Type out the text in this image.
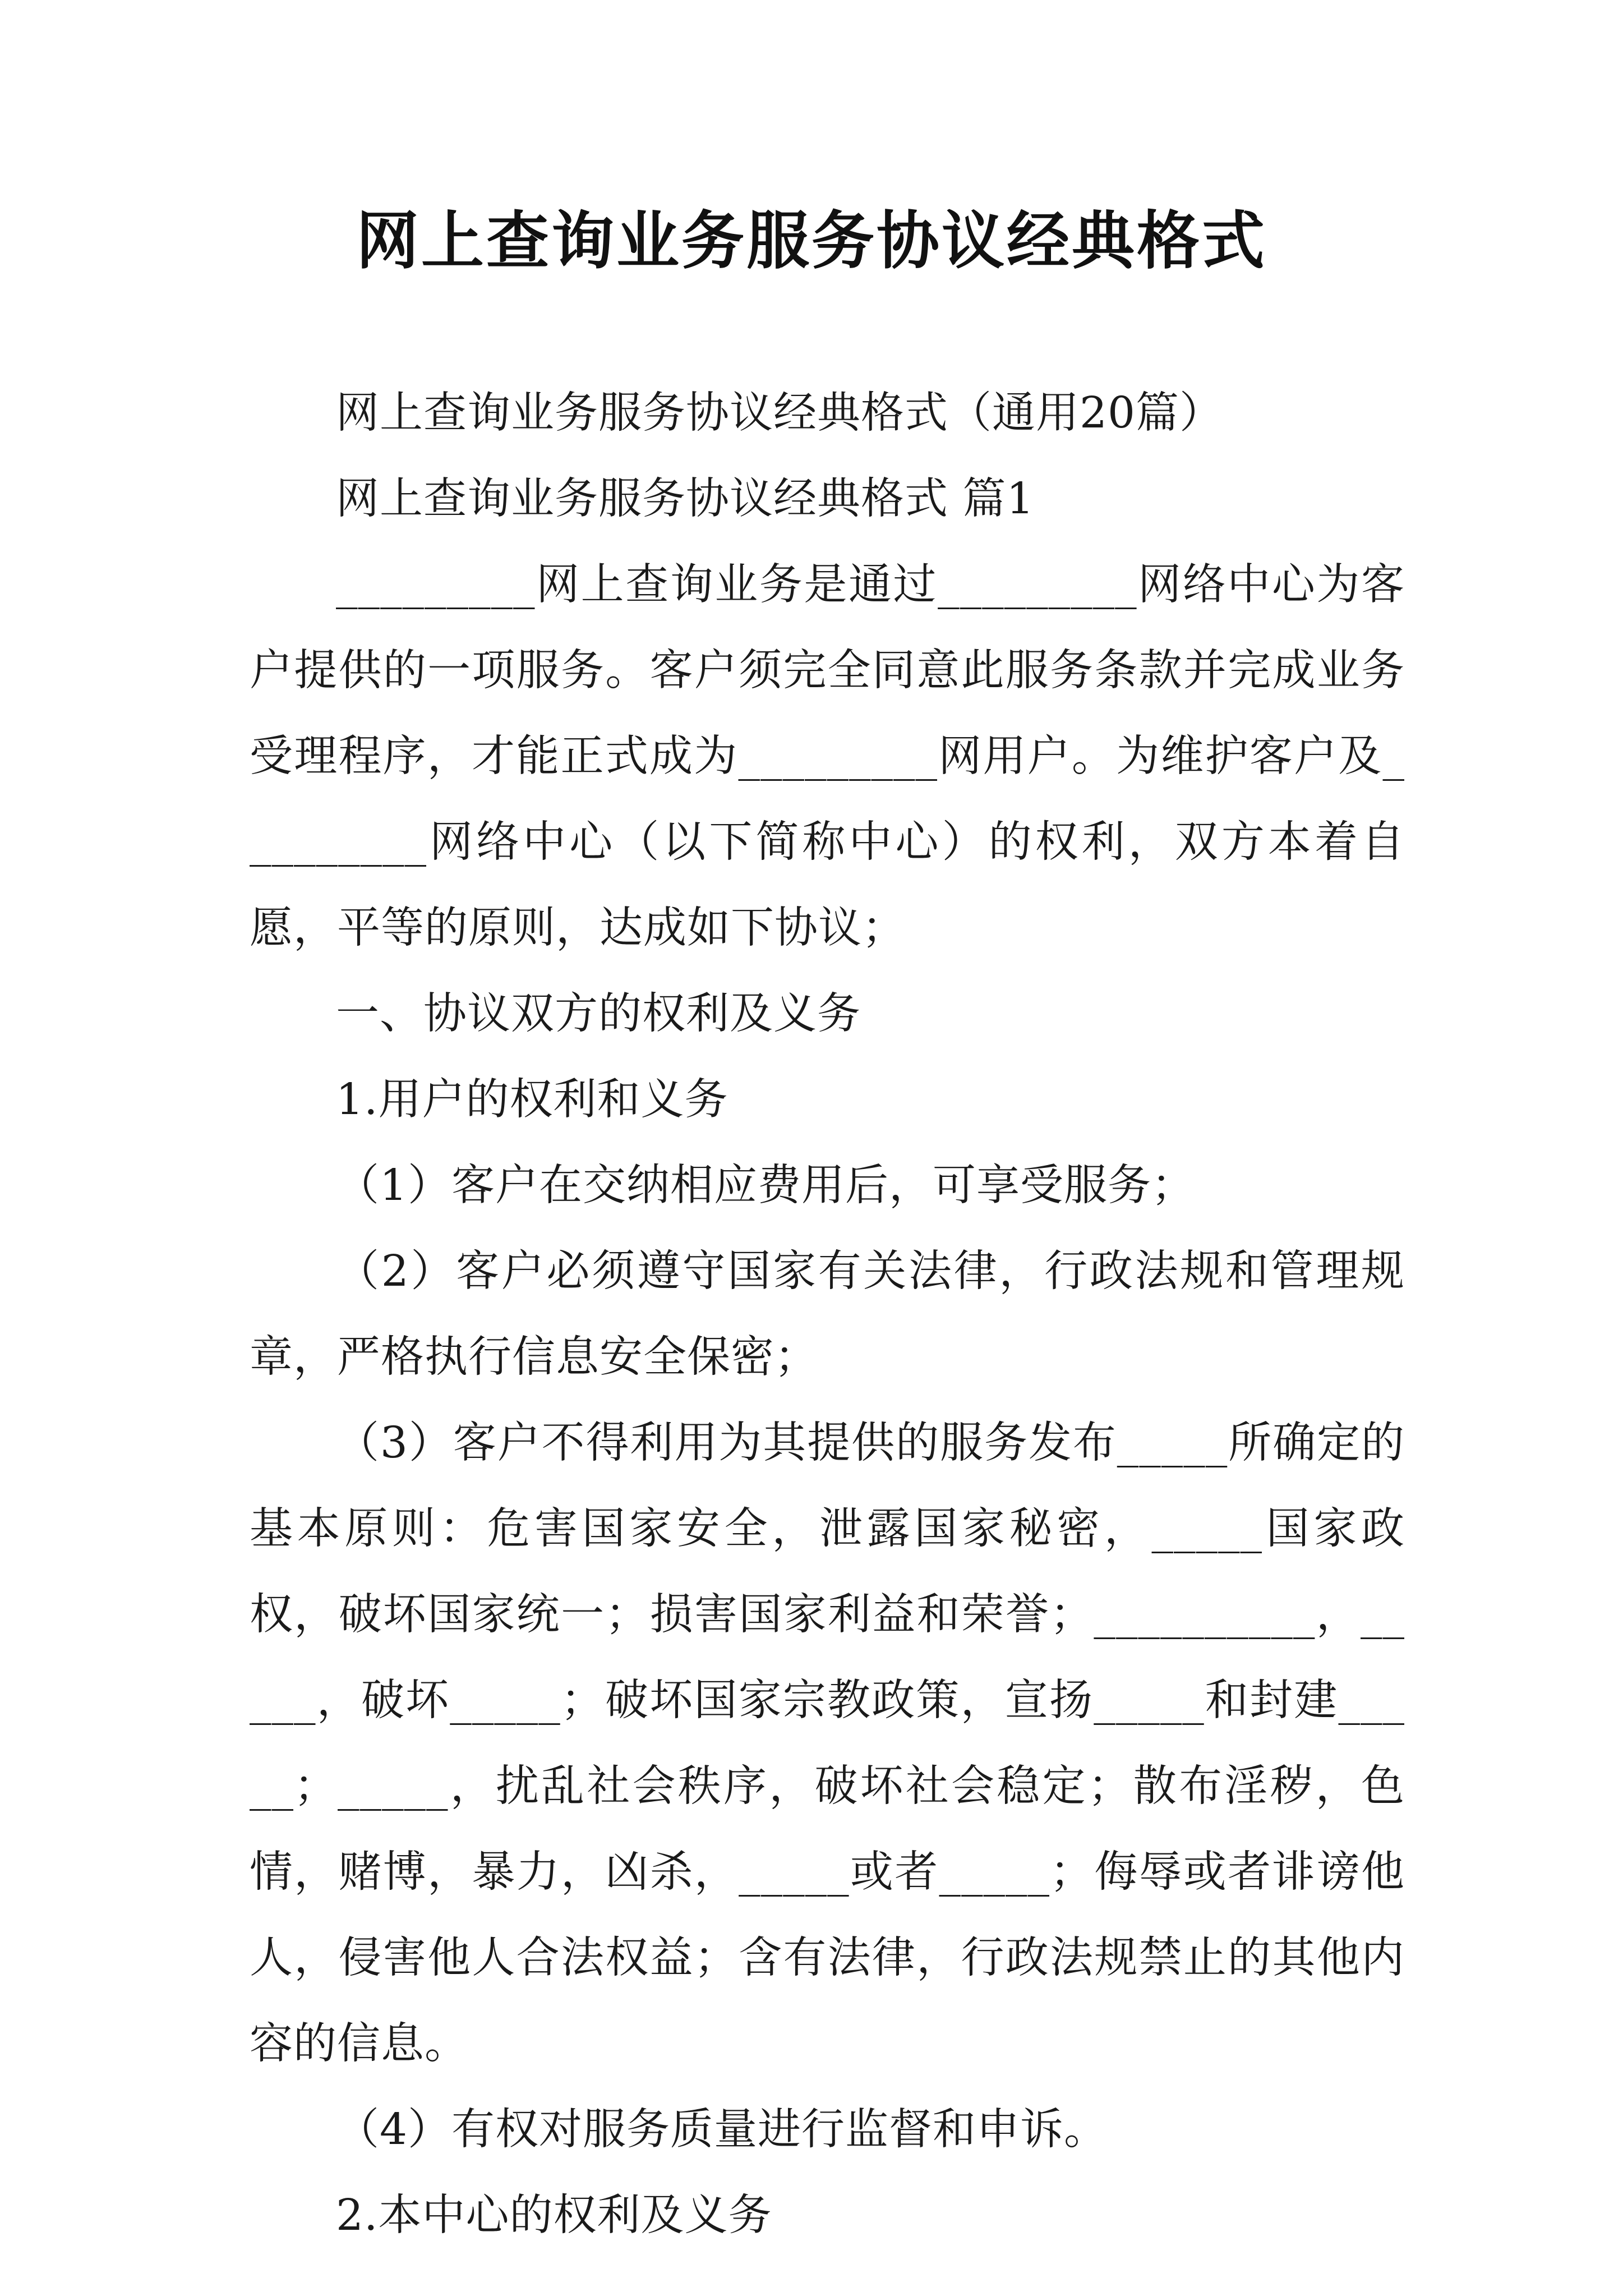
网上查询业务服务协议经典格式

网上查询业务服务协议经典格式（通用20篇）

网上查询业务服务协议经典格式 篇1

_________网上查询业务是通过_________网络中心为客户提供的一项服务。客户须完全同意此服务条款并完成业务受理程序，才能正式成为_________网用户。为维护客户及_________网络中心（以下简称中心）的权利，双方本着自愿，平等的原则，达成如下协议；

一、协议双方的权利及义务

1.用户的权利和义务

（1）客户在交纳相应费用后，可享受服务；

（2）客户必须遵守国家有关法律，行政法规和管理规章，严格执行信息安全保密；

（3）客户不得利用为其提供的服务发布_____所确定的基本原则：危害国家安全，泄露国家秘密，_____国家政权，破坏国家统一；损害国家利益和荣誉；__________，_____，破坏_____；破坏国家宗教政策，宣扬_____和封建_____；_____，扰乱社会秩序，破坏社会稳定；散布淫秽，色情，赌博，暴力，凶杀，_____或者_____；侮辱或者诽谤他人，侵害他人合法权益；含有法律，行政法规禁止的其他内容的信息。

（4）有权对服务质量进行监督和申诉。

2.本中心的权利及义务
